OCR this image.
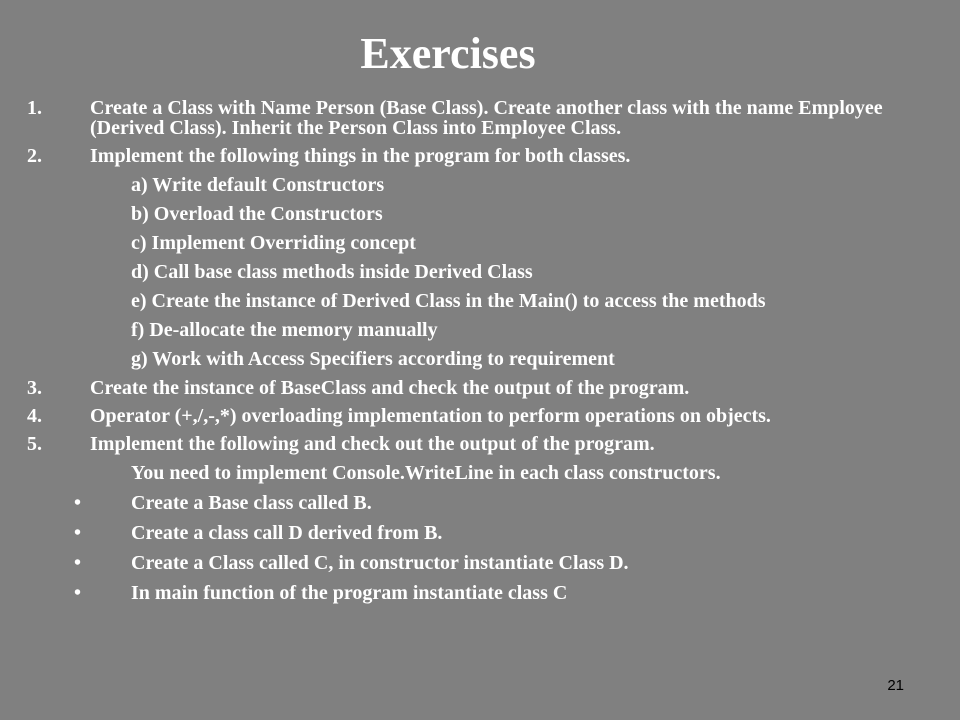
Exercises
1. Create a Class with Name Person (Base Class). Create another class with the name Employee (Derived Class). Inherit the Person Class into Employee Class.
2. Implement the following things in the program for both classes.
a) Write default Constructors
b) Overload the Constructors
c) Implement Overriding concept
d) Call base class methods inside Derived Class
e) Create the instance of Derived Class in the Main() to access the methods
f) De-allocate the memory manually
g) Work with Access Specifiers according to requirement
3. Create the instance of BaseClass and check the output of the program.
4. Operator (+,/,-,*) overloading implementation to perform operations on objects.
5. Implement the following and check out the output of the program.
You need to implement Console.WriteLine in each class constructors.
• Create a Base class called B.
• Create a class call D derived from B.
• Create a Class called C, in constructor instantiate Class D.
• In main function of the program instantiate class C
21
